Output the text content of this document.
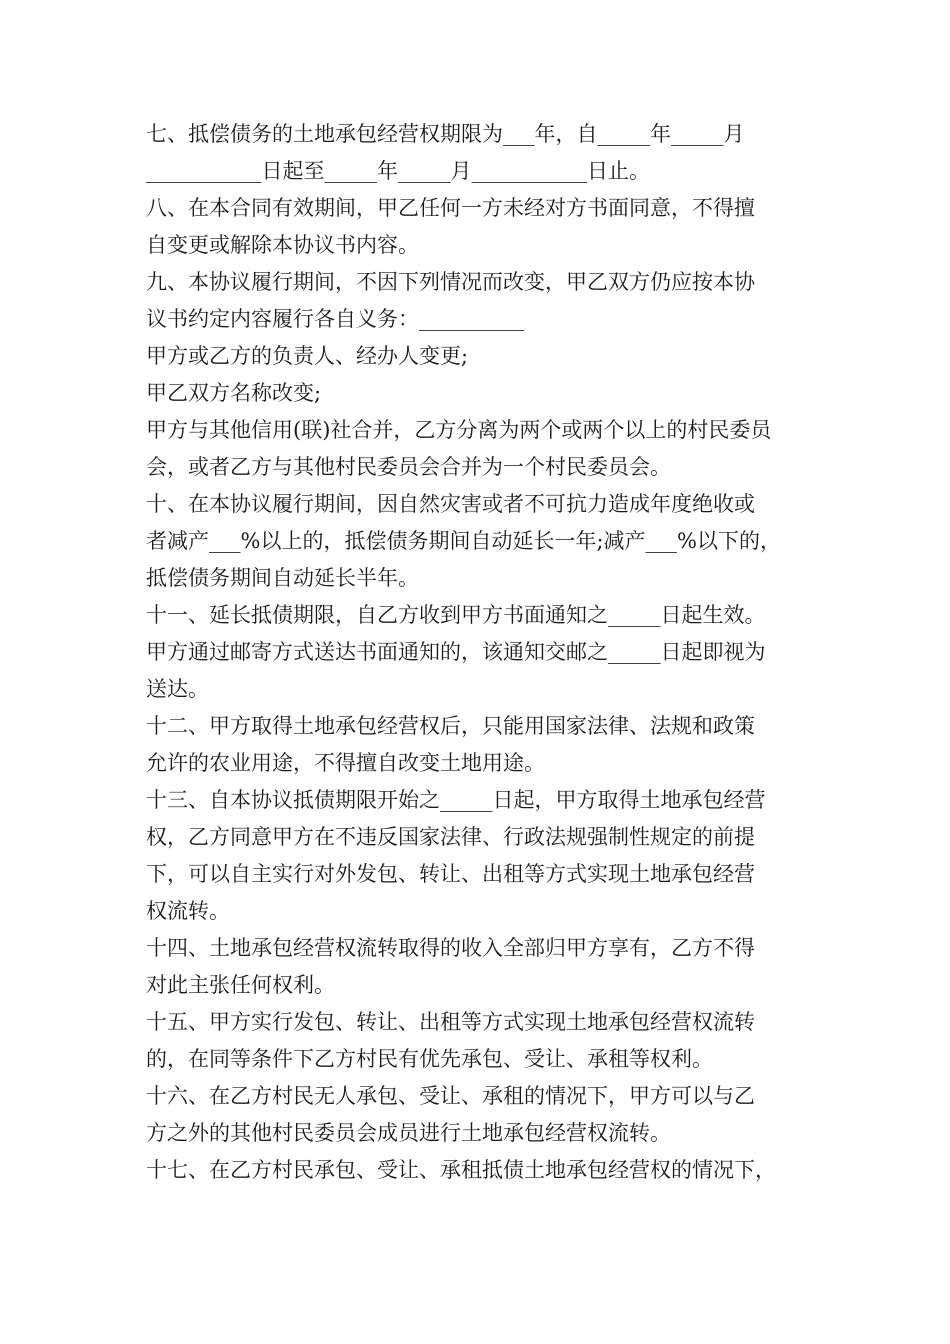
七、抵偿债务的土地承包经营权期限为___年，自_____年_____月
___________日起至_____年_____月___________日止。
八、在本合同有效期间，甲乙任何一方未经对方书面同意，不得擅
自变更或解除本协议书内容。
九、本协议履行期间，不因下列情况而改变，甲乙双方仍应按本协
议书约定内容履行各自义务：__________
甲方或乙方的负责人、经办人变更;
甲乙双方名称改变;
甲方与其他信用(联)社合并，乙方分离为两个或两个以上的村民委员
会，或者乙方与其他村民委员会合并为一个村民委员会。
十、在本协议履行期间，因自然灾害或者不可抗力造成年度绝收或
者减产___%以上的，抵偿债务期间自动延长一年;减产___%以下的，
抵偿债务期间自动延长半年。
十一、延长抵债期限，自乙方收到甲方书面通知之_____日起生效。
甲方通过邮寄方式送达书面通知的，该通知交邮之_____日起即视为
送达。
十二、甲方取得土地承包经营权后，只能用国家法律、法规和政策
允许的农业用途，不得擅自改变土地用途。
十三、自本协议抵债期限开始之_____日起，甲方取得土地承包经营
权，乙方同意甲方在不违反国家法律、行政法规强制性规定的前提
下，可以自主实行对外发包、转让、出租等方式实现土地承包经营
权流转。
十四、土地承包经营权流转取得的收入全部归甲方享有，乙方不得
对此主张任何权利。
十五、甲方实行发包、转让、出租等方式实现土地承包经营权流转
的，在同等条件下乙方村民有优先承包、受让、承租等权利。
十六、在乙方村民无人承包、受让、承租的情况下，甲方可以与乙
方之外的其他村民委员会成员进行土地承包经营权流转。
十七、在乙方村民承包、受让、承租抵债土地承包经营权的情况下，
